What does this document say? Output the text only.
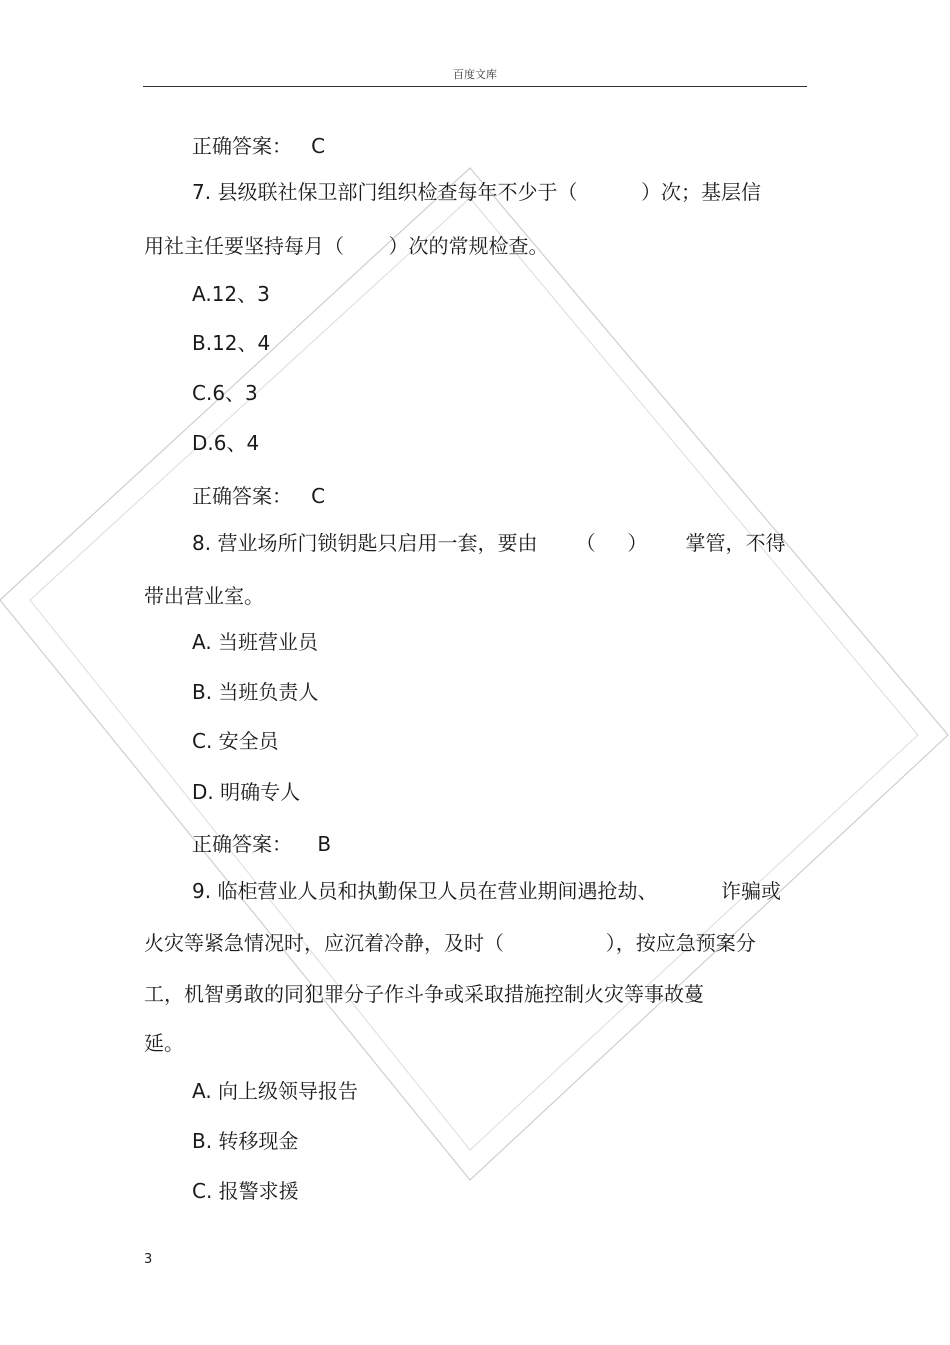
百度文库
正确答案：   C
7. 县级联社保卫部门组织检查每年不少于（          ）次；基层信
用社主任要坚持每月（       ）次的常规检查。
A.12、3
B.12、4
C.6、3
D.6、4
正确答案：   C
8. 营业场所门锁钥匙只启用一套，要由      （     ）      掌管，不得
带出营业室。
A. 当班营业员
B. 当班负责人
C. 安全员
D. 明确专人
正确答案：    B
9. 临柜营业人员和执勤保卫人员在营业期间遇抢劫、          诈骗或
火灾等紧急情况时，应沉着冷静，及时（                ），按应急预案分
工，机智勇敢的同犯罪分子作斗争或采取措施控制火灾等事故蔓
延。
A. 向上级领导报告
B. 转移现金
C. 报警求援
3
